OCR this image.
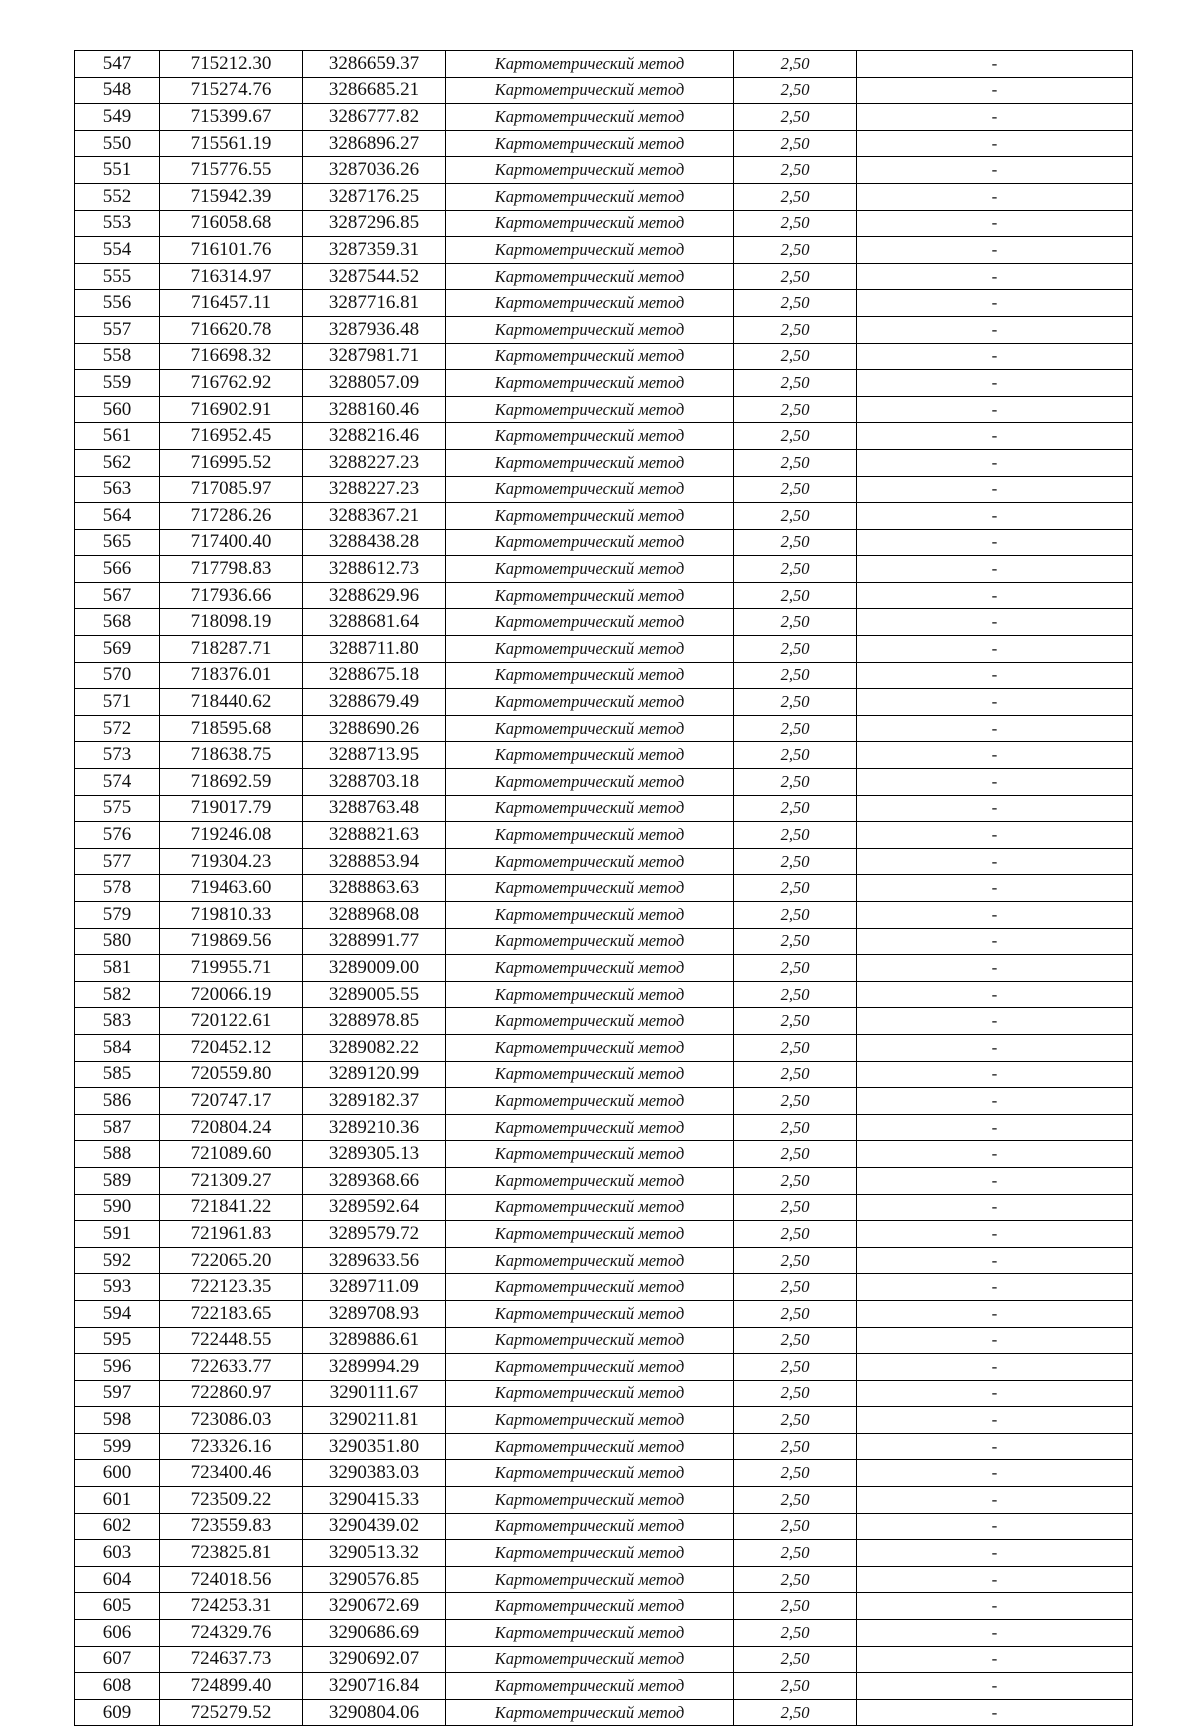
547	715212.30	3286659.37	Картометрический метод	2,50	-
548	715274.76	3286685.21	Картометрический метод	2,50	-
549	715399.67	3286777.82	Картометрический метод	2,50	-
550	715561.19	3286896.27	Картометрический метод	2,50	-
551	715776.55	3287036.26	Картометрический метод	2,50	-
552	715942.39	3287176.25	Картометрический метод	2,50	-
553	716058.68	3287296.85	Картометрический метод	2,50	-
554	716101.76	3287359.31	Картометрический метод	2,50	-
555	716314.97	3287544.52	Картометрический метод	2,50	-
556	716457.11	3287716.81	Картометрический метод	2,50	-
557	716620.78	3287936.48	Картометрический метод	2,50	-
558	716698.32	3287981.71	Картометрический метод	2,50	-
559	716762.92	3288057.09	Картометрический метод	2,50	-
560	716902.91	3288160.46	Картометрический метод	2,50	-
561	716952.45	3288216.46	Картометрический метод	2,50	-
562	716995.52	3288227.23	Картометрический метод	2,50	-
563	717085.97	3288227.23	Картометрический метод	2,50	-
564	717286.26	3288367.21	Картометрический метод	2,50	-
565	717400.40	3288438.28	Картометрический метод	2,50	-
566	717798.83	3288612.73	Картометрический метод	2,50	-
567	717936.66	3288629.96	Картометрический метод	2,50	-
568	718098.19	3288681.64	Картометрический метод	2,50	-
569	718287.71	3288711.80	Картометрический метод	2,50	-
570	718376.01	3288675.18	Картометрический метод	2,50	-
571	718440.62	3288679.49	Картометрический метод	2,50	-
572	718595.68	3288690.26	Картометрический метод	2,50	-
573	718638.75	3288713.95	Картометрический метод	2,50	-
574	718692.59	3288703.18	Картометрический метод	2,50	-
575	719017.79	3288763.48	Картометрический метод	2,50	-
576	719246.08	3288821.63	Картометрический метод	2,50	-
577	719304.23	3288853.94	Картометрический метод	2,50	-
578	719463.60	3288863.63	Картометрический метод	2,50	-
579	719810.33	3288968.08	Картометрический метод	2,50	-
580	719869.56	3288991.77	Картометрический метод	2,50	-
581	719955.71	3289009.00	Картометрический метод	2,50	-
582	720066.19	3289005.55	Картометрический метод	2,50	-
583	720122.61	3288978.85	Картометрический метод	2,50	-
584	720452.12	3289082.22	Картометрический метод	2,50	-
585	720559.80	3289120.99	Картометрический метод	2,50	-
586	720747.17	3289182.37	Картометрический метод	2,50	-
587	720804.24	3289210.36	Картометрический метод	2,50	-
588	721089.60	3289305.13	Картометрический метод	2,50	-
589	721309.27	3289368.66	Картометрический метод	2,50	-
590	721841.22	3289592.64	Картометрический метод	2,50	-
591	721961.83	3289579.72	Картометрический метод	2,50	-
592	722065.20	3289633.56	Картометрический метод	2,50	-
593	722123.35	3289711.09	Картометрический метод	2,50	-
594	722183.65	3289708.93	Картометрический метод	2,50	-
595	722448.55	3289886.61	Картометрический метод	2,50	-
596	722633.77	3289994.29	Картометрический метод	2,50	-
597	722860.97	3290111.67	Картометрический метод	2,50	-
598	723086.03	3290211.81	Картометрический метод	2,50	-
599	723326.16	3290351.80	Картометрический метод	2,50	-
600	723400.46	3290383.03	Картометрический метод	2,50	-
601	723509.22	3290415.33	Картометрический метод	2,50	-
602	723559.83	3290439.02	Картометрический метод	2,50	-
603	723825.81	3290513.32	Картометрический метод	2,50	-
604	724018.56	3290576.85	Картометрический метод	2,50	-
605	724253.31	3290672.69	Картометрический метод	2,50	-
606	724329.76	3290686.69	Картометрический метод	2,50	-
607	724637.73	3290692.07	Картометрический метод	2,50	-
608	724899.40	3290716.84	Картометрический метод	2,50	-
609	725279.52	3290804.06	Картометрический метод	2,50	-
